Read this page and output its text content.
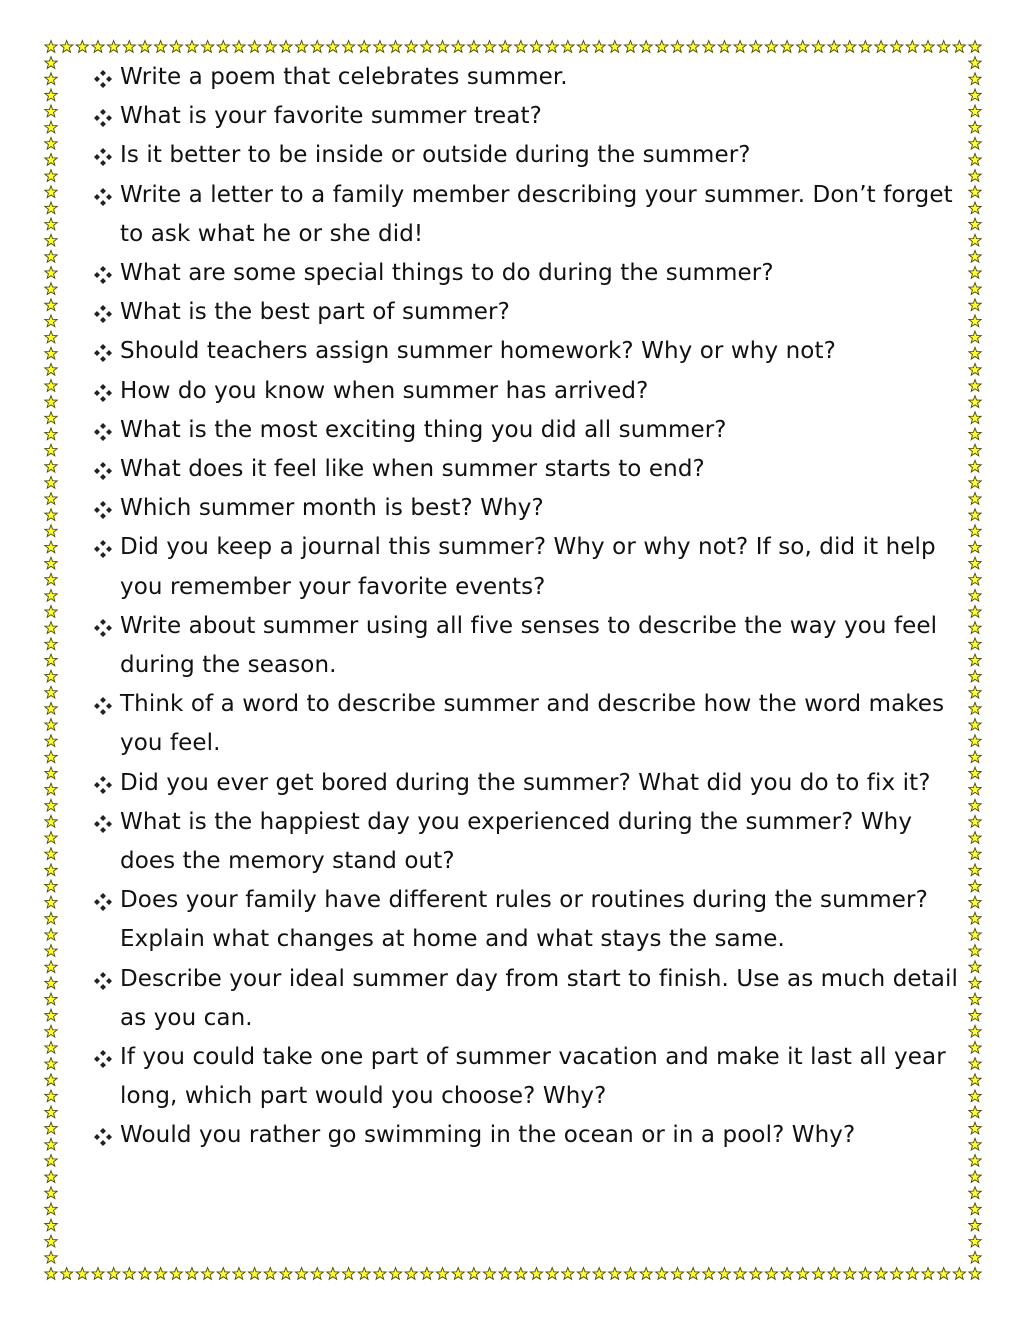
Write a poem that celebrates summer.
What is your favorite summer treat?
Is it better to be inside or outside during the summer?
Write a letter to a family member describing your summer. Don’t forget to ask what he or she did!
What are some special things to do during the summer?
What is the best part of summer?
Should teachers assign summer homework? Why or why not?
How do you know when summer has arrived?
What is the most exciting thing you did all summer?
What does it feel like when summer starts to end?
Which summer month is best? Why?
Did you keep a journal this summer? Why or why not? If so, did it help you remember your favorite events?
Write about summer using all five senses to describe the way you feel during the season.
Think of a word to describe summer and describe how the word makes you feel.
Did you ever get bored during the summer? What did you do to fix it?
What is the happiest day you experienced during the summer? Why does the memory stand out?
Does your family have different rules or routines during the summer? Explain what changes at home and what stays the same.
Describe your ideal summer day from start to finish. Use as much detail as you can.
If you could take one part of summer vacation and make it last all year long, which part would you choose? Why?
Would you rather go swimming in the ocean or in a pool? Why?
